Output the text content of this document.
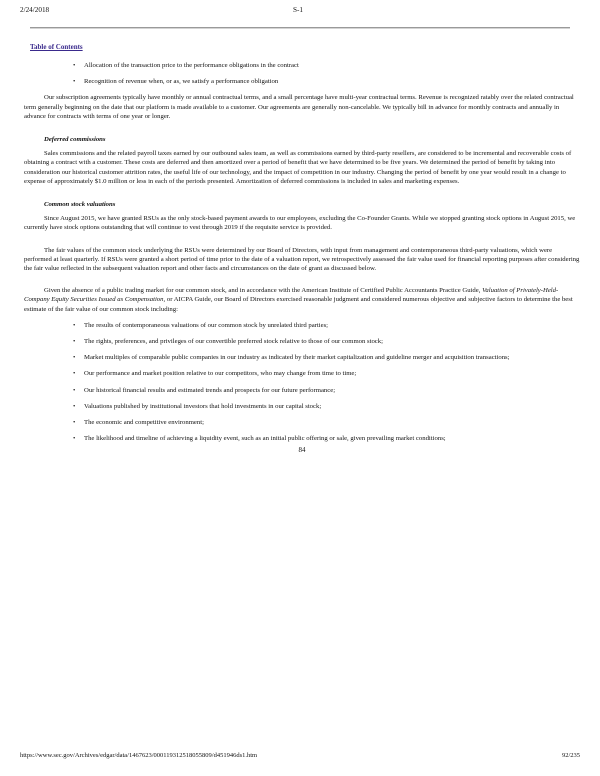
2/24/2018	S-1
Table of Contents
• Allocation of the transaction price to the performance obligations in the contract
• Recognition of revenue when, or as, we satisfy a performance obligation

Our subscription agreements typically have monthly or annual contractual terms, and a small percentage have multi-year contractual terms. Revenue is recognized ratably over the related contractual term generally beginning on the date that our platform is made available to a customer. Our agreements are generally non-cancelable. We typically bill in advance for monthly contracts and annually in advance for contracts with terms of one year or longer.

Deferred commissions

Sales commissions and the related payroll taxes earned by our outbound sales team, as well as commissions earned by third-party resellers, are considered to be incremental and recoverable costs of obtaining a contract with a customer. These costs are deferred and then amortized over a period of benefit that we have determined to be five years. We determined the period of benefit by taking into consideration our historical customer attrition rates, the useful life of our technology, and the impact of competition in our industry. Changing the period of benefit by one year would result in a change to expense of approximately $1.0 million or less in each of the periods presented. Amortization of deferred commissions is included in sales and marketing expenses.

Common stock valuations

Since August 2015, we have granted RSUs as the only stock-based payment awards to our employees, excluding the Co-Founder Grants. While we stopped granting stock options in August 2015, we currently have stock options outstanding that will continue to vest through 2019 if the requisite service is provided.

The fair values of the common stock underlying the RSUs were determined by our Board of Directors, with input from management and contemporaneous third-party valuations, which were performed at least quarterly. If RSUs were granted a short period of time prior to the date of a valuation report, we retrospectively assessed the fair value used for financial reporting purposes after considering the fair value reflected in the subsequent valuation report and other facts and circumstances on the date of grant as discussed below.

Given the absence of a public trading market for our common stock, and in accordance with the American Institute of Certified Public Accountants Practice Guide, Valuation of Privately-Held-Company Equity Securities Issued as Compensation, or AICPA Guide, our Board of Directors exercised reasonable judgment and considered numerous objective and subjective factors to determine the best estimate of the fair value of our common stock including:

• The results of contemporaneous valuations of our common stock by unrelated third parties;
• The rights, preferences, and privileges of our convertible preferred stock relative to those of our common stock;
• Market multiples of comparable public companies in our industry as indicated by their market capitalization and guideline merger and acquisition transactions;
• Our performance and market position relative to our competitors, who may change from time to time;
• Our historical financial results and estimated trends and prospects for our future performance;
• Valuations published by institutional investors that hold investments in our capital stock;
• The economic and competitive environment;
• The likelihood and timeline of achieving a liquidity event, such as an initial public offering or sale, given prevailing market conditions;
84
https://www.sec.gov/Archives/edgar/data/1467623/000119312518055809/d451946ds1.htm	92/235
